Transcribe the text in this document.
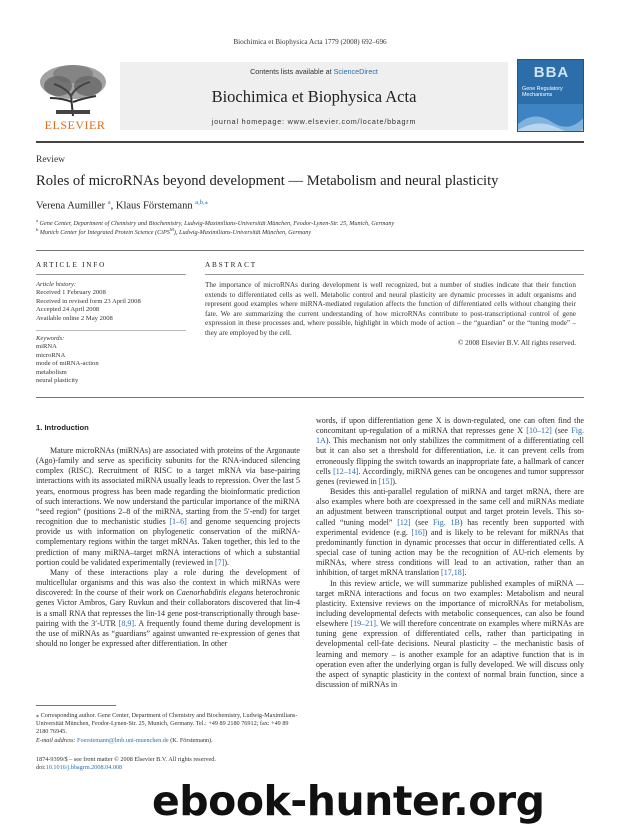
Biochimica et Biophysica Acta 1779 (2008) 692–696
ELSEVIER
Contents lists available at ScienceDirect
Biochimica et Biophysica Acta
journal homepage: www.elsevier.com/locate/bbagrm
BBA
Gene Regulatory Mechanisms
Review
Roles of microRNAs beyond development — Metabolism and neural plasticity
Verena Aumiller $^a$, Klaus Förstemann $^{a,b,⁎}$
$^a$ Gene Center, Department of Chemistry and Biochemistry, Ludwig-Maximilians-Universität München, Feodor-Lynen-Str. 25, Munich, Germany
$^b$ Munich Center for Integrated Protein Science (CiPS$^M$), Ludwig-Maximilians-Universität München, Germany
ARTICLE INFO
Article history:
Received 1 February 2008
Received in revised form 23 April 2008
Accepted 24 April 2008
Available online 2 May 2008
Keywords:
miRNA
microRNA
mode of miRNA-action
metabolism
neural plasticity
ABSTRACT
The importance of microRNAs during development is well recognized, but a number of studies indicate that their function extends to differentiated cells as well. Metabolic control and neural plasticity are dynamic processes in adult organisms and represent good examples where miRNA-mediated regulation affects the function of differentiated cells without changing their fate. We are summarizing the current understanding of how microRNAs contribute to post-transcriptional control of gene expression in these processes and, where possible, highlight in which mode of action – the “guardian” or the “tuning mode” – they are employed by the cell.
© 2008 Elsevier B.V. All rights reserved.
1. Introduction

Mature microRNAs (miRNAs) are associated with proteins of the Argonaute (Ago)-family and serve as specificity subunits for the RNA-induced silencing complex (RISC). Recruitment of RISC to a target mRNA via base-pairing interactions with its associated miRNA usually leads to repression. Over the last 5 years, enormous progress has been made regarding the bioinformatic prediction of such interactions. We now understand the particular importance of the miRNA “seed region” (positions 2–8 of the miRNA, starting from the 5′-end) for target recognition due to mechanistic studies [1–6] and genome sequencing projects provide us with information on phylogenetic conservation of the miRNA-complementary regions within the target mRNAs. Taken together, this led to the prediction of many miRNA–target mRNA interactions of which a substantial portion could be validated experimentally (reviewed in [7]).

Many of these interactions play a role during the development of multicellular organisms and this was also the context in which miRNAs were discovered: In the course of their work on Caenorhabditis elegans heterochronic genes Victor Ambros, Gary Ruvkun and their collaborators discovered that lin-4 is a small RNA that represses the lin-14 gene post-transcriptionally through base-pairing with the 3′-UTR [8,9]. A frequently found theme during development is the use of miRNAs as “guardians” against unwanted re-expression of genes that should no longer be expressed after differentiation. In other

words, if upon differentiation gene X is down-regulated, one can often find the concomitant up-regulation of a miRNA that represses gene X [10–12] (see Fig. 1A). This mechanism not only stabilizes the commitment of a differentiating cell but it can also set a threshold for differentiation, i.e. it can prevent cells from erroneously flipping the switch towards an inappropriate fate, a hallmark of cancer cells [12–14]. Accordingly, miRNA genes can be oncogenes and tumor suppressor genes (reviewed in [15]).

Besides this anti-parallel regulation of miRNA and target mRNA, there are also examples where both are coexpressed in the same cell and miRNAs mediate an adjustment between transcriptional output and target protein levels. This so-called “tuning model” [12] (see Fig. 1B) has recently been supported with experimental evidence (e.g. [16]) and is likely to be relevant for miRNAs that predominantly function in dynamic processes that occur in differentiated cells. A special case of tuning action may be the recognition of AU-rich elements by miRNAs, where stress conditions will lead to an activation, rather than an inhibition, of target mRNA translation [17,18].

In this review article, we will summarize published examples of miRNA — target mRNA interactions and focus on two examples: Metabolism and neural plasticity. Extensive reviews on the importance of microRNAs for metabolism, including developmental defects with metabolic consequences, can also be found elsewhere [19–21]. We will therefore concentrate on examples where miRNAs are tuning gene expression of differentiated cells, rather than participating in developmental cell-fate decisions. Neural plasticity – the mechanistic basis of learning and memory – is another example for an adaptive function that is in operation even after the underlying organ is fully developed. We will discuss only the aspect of synaptic plasticity in the context of normal brain function, since a discussion of miRNAs in

⁎ Corresponding author. Gene Center, Department of Chemistry and Biochemistry, Ludwig-Maximilians-Universität München, Feodor-Lynen-Str. 25, Munich, Germany. Tel.: +49 89 2180 76912; fax: +49 89 2180 76945.
E-mail address: Foerstemann@lmb.uni-muenchen.de (K. Förstemann).
1874-9399/$ – see front matter © 2008 Elsevier B.V. All rights reserved.
doi:10.1016/j.bbagrm.2008.04.008
ebook-hunter.org
